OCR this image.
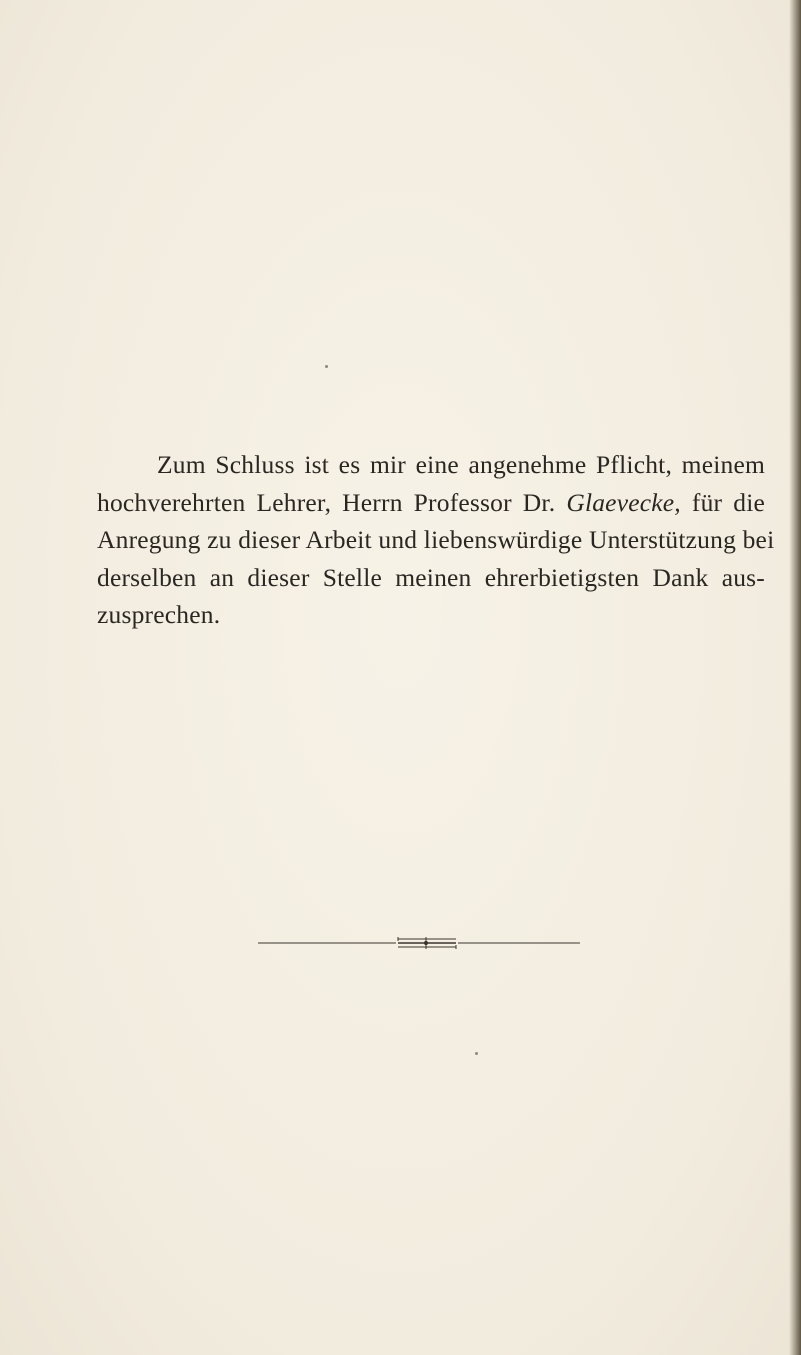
Zum Schluss ist es mir eine angenehme Pflicht, meinem
hochverehrten Lehrer, Herrn Professor Dr. Glaevecke, für die
Anregung zu dieser Arbeit und liebenswürdige Unterstützung bei
derselben an dieser Stelle meinen ehrerbietigsten Dank aus-
zusprechen.
